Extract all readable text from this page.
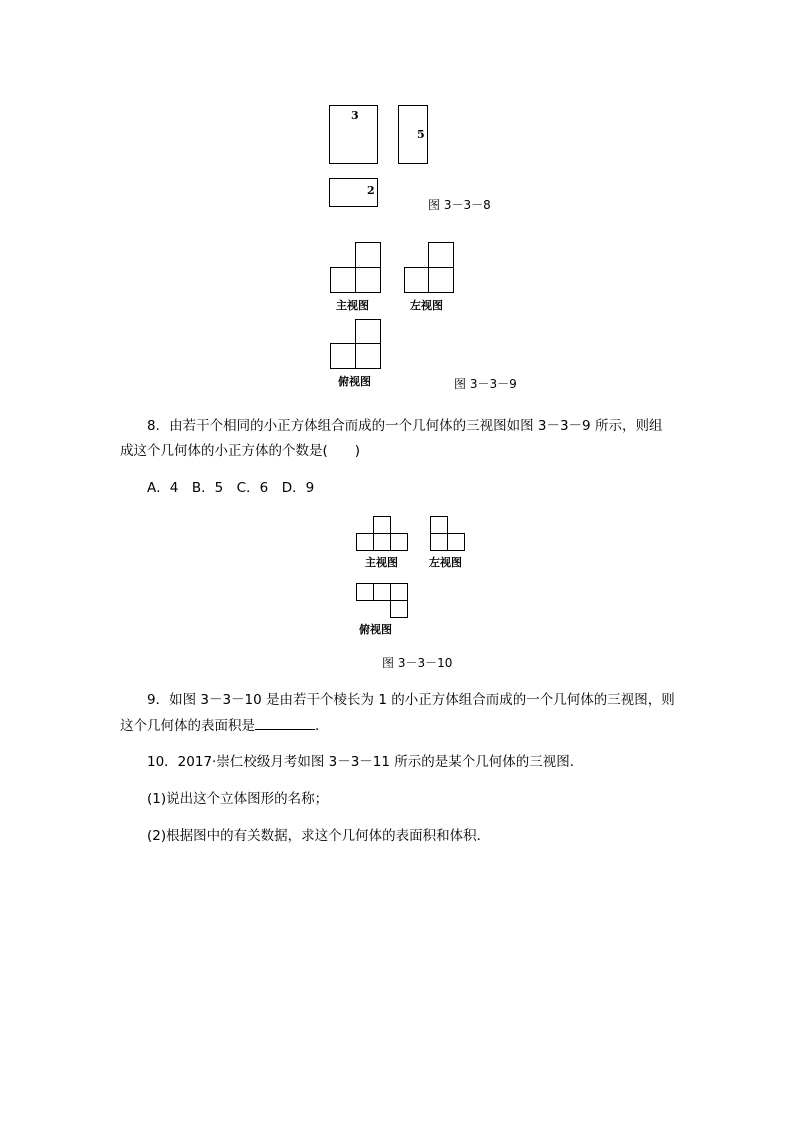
3
5
2
图 3－3－8
主视图	左视图
俯视图	图 3－3－9
8．由若干个相同的小正方体组合而成的一个几何体的三视图如图 3－3－9 所示，则组
成这个几何体的小正方体的个数是(　　)
A．4　B．5　C．6　D．9
主视图	左视图
俯视图
图 3－3－10
9．如图 3－3－10 是由若干个棱长为 1 的小正方体组合而成的一个几何体的三视图，则
这个几何体的表面积是	．
10．2017·崇仁校级月考如图 3－3－11 所示的是某个几何体的三视图．
(1)说出这个立体图形的名称；
(2)根据图中的有关数据，求这个几何体的表面积和体积．
